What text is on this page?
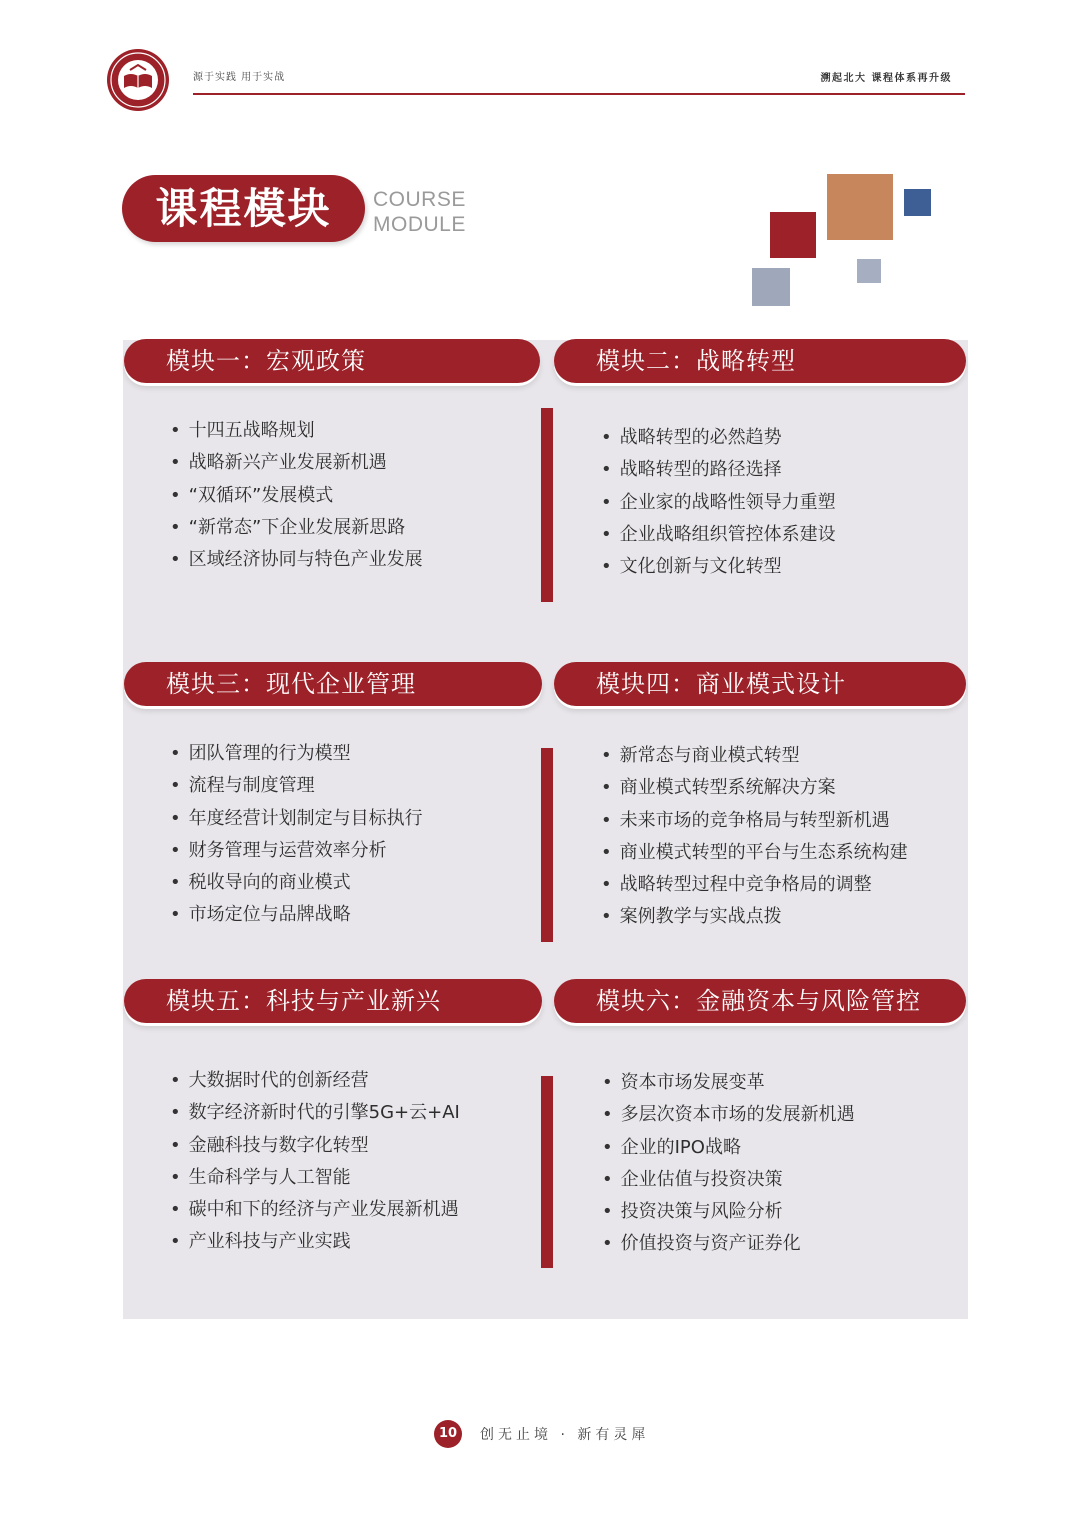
源于实践 用于实战	溯起北大 课程体系再升级
课程模块	COURSE
MODULE
模块一：宏观政策	模块二：战略转型
• 十四五战略规划
• 战略新兴产业发展新机遇
• “双循环”发展模式
• “新常态”下企业发展新思路
• 区域经济协同与特色产业发展
• 战略转型的必然趋势
• 战略转型的路径选择
• 企业家的战略性领导力重塑
• 企业战略组织管控体系建设
• 文化创新与文化转型
模块三：现代企业管理	模块四：商业模式设计
• 团队管理的行为模型
• 流程与制度管理
• 年度经营计划制定与目标执行
• 财务管理与运营效率分析
• 税收导向的商业模式
• 市场定位与品牌战略
• 新常态与商业模式转型
• 商业模式转型系统解决方案
• 未来市场的竞争格局与转型新机遇
• 商业模式转型的平台与生态系统构建
• 战略转型过程中竞争格局的调整
• 案例教学与实战点拨
模块五：科技与产业新兴	模块六：金融资本与风险管控
• 大数据时代的创新经营
• 数字经济新时代的引擎5G+云+AI
• 金融科技与数字化转型
• 生命科学与人工智能
• 碳中和下的经济与产业发展新机遇
• 产业科技与产业实践
• 资本市场发展变革
• 多层次资本市场的发展新机遇
• 企业的IPO战略
• 企业估值与投资决策
• 投资决策与风险分析
• 价值投资与资产证券化
10	创无止境 · 新有灵犀
